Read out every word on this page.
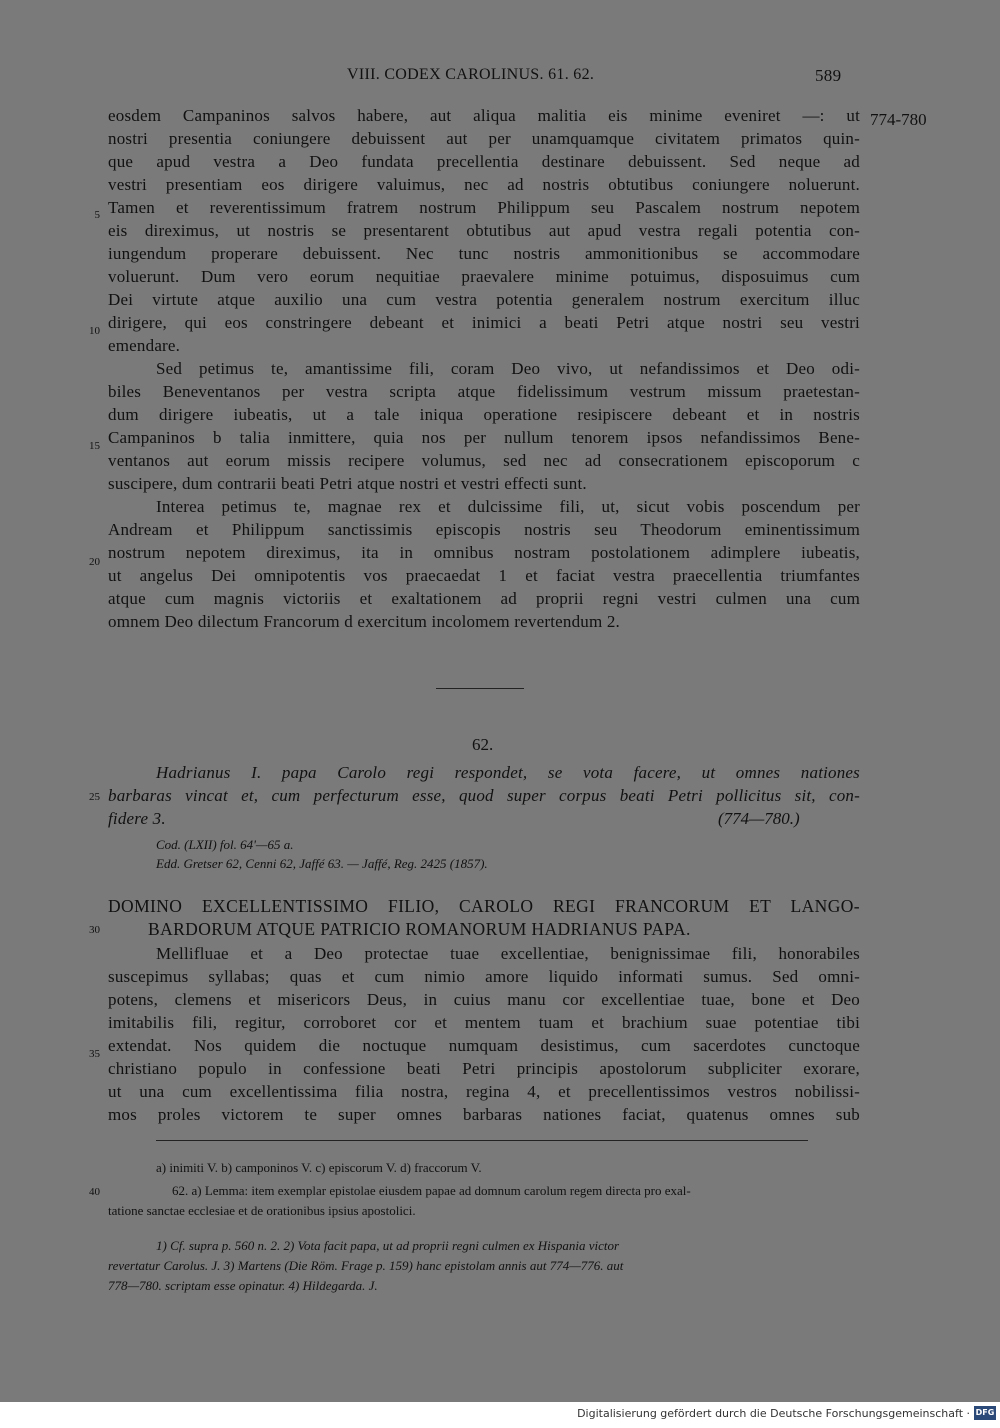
VIII. CODEX CAROLINUS. 61. 62.	589
774-780
eosdem Campaninos salvos habere, aut aliqua malitia eis minime eveniret —: ut
nostri presentia coniungere debuissent aut per unamquamque civitatem primatos quin-
que apud vestra a Deo fundata precellentia destinare debuissent. Sed neque ad
vestri presentiam eos dirigere valuimus, nec ad nostris obtutibus coniungere noluerunt.
Tamen et reverentissimum fratrem nostrum Philippum seu Pascalem nostrum nepotem
eis direximus, ut nostris se presentarent obtutibus aut apud vestra regali potentia con-
iungendum properare debuissent. Nec tunc nostris ammonitionibus se accommodare
voluerunt. Dum vero eorum nequitiae praevalere minime potuimus, disposuimus cum
Dei virtute atque auxilio una cum vestra potentia generalem nostrum exercitum illuc
dirigere, qui eos constringere debeant et inimici a beati Petri atque nostri seu vestri
emendare.
Sed petimus te, amantissime fili, coram Deo vivo, ut nefandissimos et Deo odi-
biles Beneventanos per vestra scripta atque fidelissimum vestrum missum praetestan-
dum dirigere iubeatis, ut a tale iniqua operatione resipiscere debeant et in nostris
Campaninos b talia inmittere, quia nos per nullum tenorem ipsos nefandissimos Bene-
ventanos aut eorum missis recipere volumus, sed nec ad consecrationem episcoporum c
suscipere, dum contrarii beati Petri atque nostri et vestri effecti sunt.
Interea petimus te, magnae rex et dulcissime fili, ut, sicut vobis poscendum per
Andream et Philippum sanctissimis episcopis nostris seu Theodorum eminentissimum
nostrum nepotem direximus, ita in omnibus nostram postolationem adimplere iubeatis,
ut angelus Dei omnipotentis vos praecaedat 1 et faciat vestra praecellentia triumfantes
atque cum magnis victoriis et exaltationem ad proprii regni vestri culmen una cum
omnem Deo dilectum Francorum d exercitum incolomem revertendum 2.
5
10
15
20
25
30
35
40
62.
Hadrianus I. papa Carolo regi respondet, se vota facere, ut omnes nationes
barbaras vincat et, cum perfecturum esse, quod super corpus beati Petri pollicitus sit, con-
fidere 3.	(774—780.)
Cod. (LXII) fol. 64'—65 a.
Edd. Gretser 62, Cenni 62, Jaffé 63. — Jaffé, Reg. 2425 (1857).
DOMINO EXCELLENTISSIMO FILIO, CAROLO REGI FRANCORUM ET LANGO-
BARDORUM ATQUE PATRICIO ROMANORUM HADRIANUS PAPA.
Mellifluae et a Deo protectae tuae excellentiae, benignissimae fili, honorabiles
suscepimus syllabas; quas et cum nimio amore liquido informati sumus. Sed omni-
potens, clemens et misericors Deus, in cuius manu cor excellentiae tuae, bone et Deo
imitabilis fili, regitur, corroboret cor et mentem tuam et brachium suae potentiae tibi
extendat. Nos quidem die noctuque numquam desistimus, cum sacerdotes cunctoque
christiano populo in confessione beati Petri principis apostolorum subpliciter exorare,
ut una cum excellentissima filia nostra, regina 4, et precellentissimos vestros nobilissi-
mos proles victorem te super omnes barbaras nationes faciat, quatenus omnes sub
a) inimiti V. b) camponinos V. c) episcorum V. d) fraccorum V.
62. a) Lemma: item exemplar epistolae eiusdem papae ad domnum carolum regem directa pro exal-
tatione sanctae ecclesiae et de orationibus ipsius apostolici.
1) Cf. supra p. 560 n. 2. 2) Vota facit papa, ut ad proprii regni culmen ex Hispania victor
revertatur Carolus. J. 3) Martens (Die Röm. Frage p. 159) hanc epistolam annis aut 774—776. aut
778—780. scriptam esse opinatur. 4) Hildegarda. J.
Digitalisierung gefördert durch die Deutsche Forschungsgemeinschaft · DFG
